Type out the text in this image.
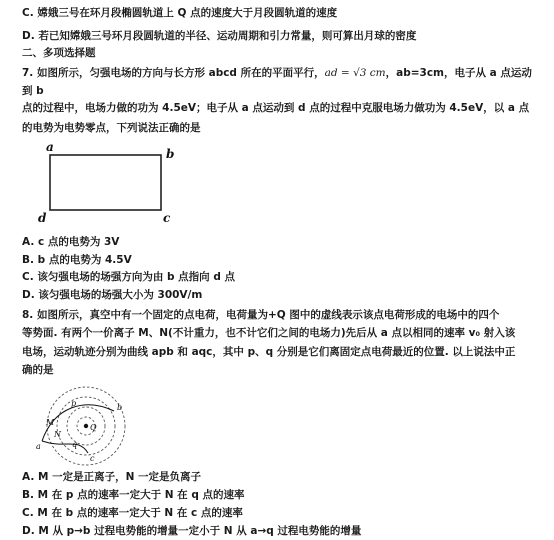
C. 嫦娥三号在环月段椭圆轨道上 Q 点的速度大于月段圆轨道的速度
D. 若已知嫦娥三号环月段圆轨道的半径、运动周期和引力常量，则可算出月球的密度
二、多项选择题
7. 如图所示，匀强电场的方向与长方形 abcd 所在的平面平行，ad = √3 cm，ab=3cm，电子从 a 点运动
到 b
点的过程中，电场力做的功为 4.5eV；电子从 a 点运动到 d 点的过程中克服电场力做功为 4.5eV，以 a 点
的电势为电势零点，下列说法正确的是
a	b
c
d
A. c 点的电势为 3V
B. b 点的电势为 4.5V
C. 该匀强电场的场强方向为由 b 点指向 d 点
D. 该匀强电场的场强大小为 300V/m
8. 如图所示，真空中有一个固定的点电荷，电荷量为+Q 图中的虚线表示该点电荷形成的电场中的四个
等势面. 有两个一价离子 M、N(不计重力，也不计它们之间的电场力)先后从 a 点以相同的速率 v₀ 射入该
电场，运动轨迹分别为曲线 apb 和 aqc，其中 p、q 分别是它们离固定点电荷最近的位置. 以上说法中正
确的是
Q
a
b
c
p
q
M
N
A. M 一定是正离子，N 一定是负离子
B. M 在 p 点的速率一定大于 N 在 q 点的速率
C. M 在 b 点的速率一定大于 N 在 c 点的速率
D. M 从 p→b 过程电势能的增量一定小于 N 从 a→q 过程电势能的增量
